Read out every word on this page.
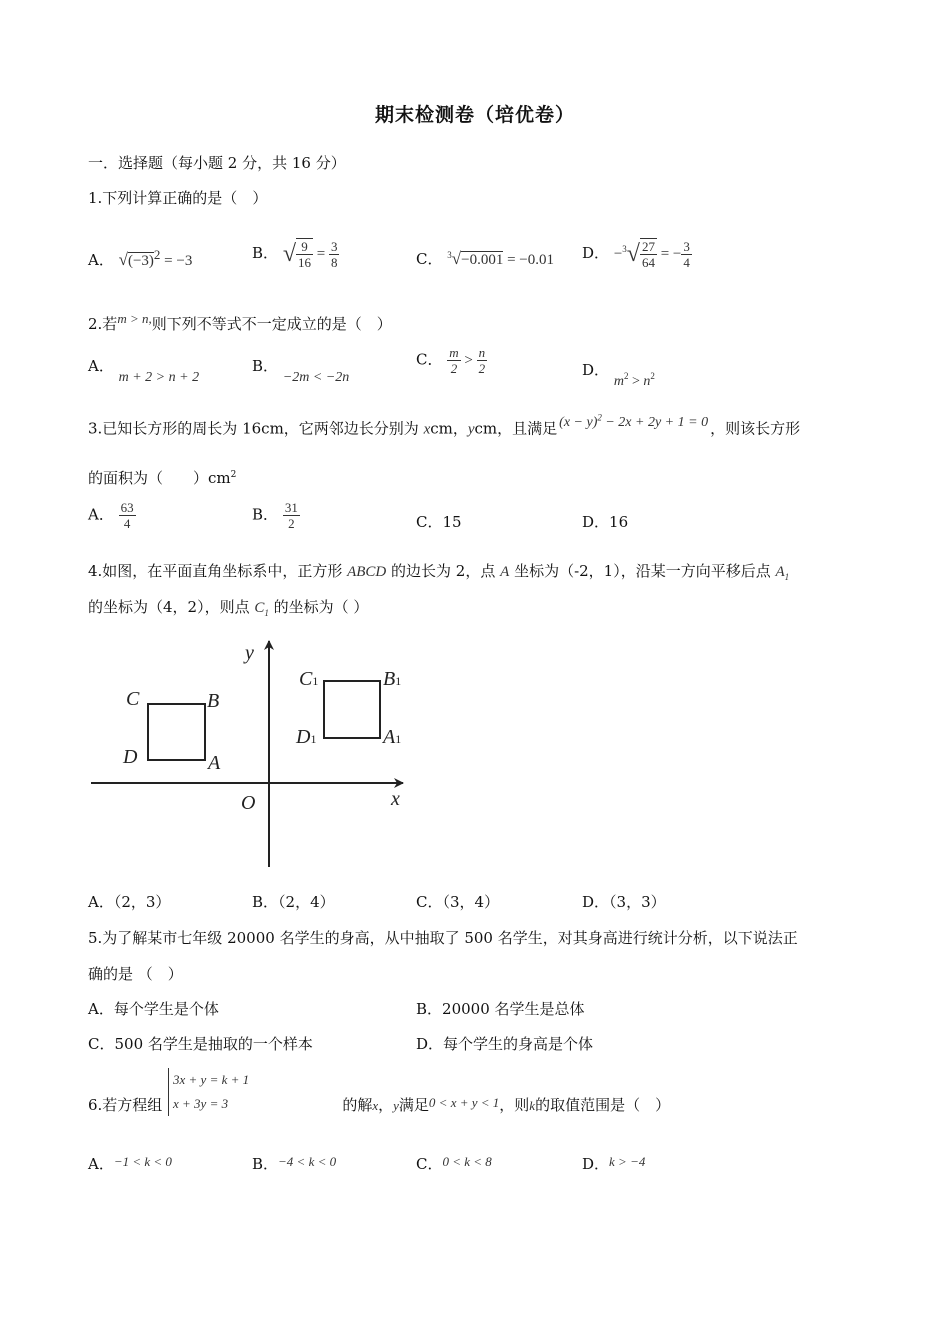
期末检测卷（培优卷）
一．选择题（每小题 2 分，共 16 分）
1.下列计算正确的是（　）
A． $√(-3)^2 = -3$	B． √ $\frac{9}{16} = \frac{3}{8}$	C． $^3$√−0.001 = −0.01 D． $-^3√ \frac{27}{64}$ = − $\frac{3}{4}$
2.若$^{m > n,}$则下列不等式不一定成立的是（　）
A． m + 2 > n + 2
B． −2m < −2n
C． $\frac{m}{2} > \frac{n}{2}$	D． $m^2 > n^2$
3.已知长方形的周长为 16cm，它两邻边长分别为 xcm，ycm，且满足 $(x - y)^2 - 2x + 2y + 1 = 0$ ，则该长方形
的面积为（　　）$cm^2$
A． $\frac{63}{4}$	B． $\frac{31}{2}$	C．15	D．16
4.如图，在平面直角坐标系中，正方形 ABCD 的边长为 2，点 A 坐标为（-2，1），沿某一方向平移后点 $A_1$
的坐标为（4，2），则点 $C_1$ 的坐标为（ ）
y
x
O
C	B
D	A
C1	B1
D1	A1
A．（2，3）	B．（2，4）	C．（3，4）	D．（3，3）
5.为了解某市七年级 20000 名学生的身高，从中抽取了 500 名学生，对其身高进行统计分析，以下说法正
确的是 （　）
A．每个学生是个体	B．20000 名学生是总体
C．500 名学生是抽取的一个样本	D．每个学生的身高是个体
6.若方程组	的解x，y满足0 < x + y < 1，则k的取值范围是（　）
3x + y = k + 1
x + 3y = 3
A．−1 < k < 0	B．−4 < k < 0	C．0 < k < 8	D．k > −4
